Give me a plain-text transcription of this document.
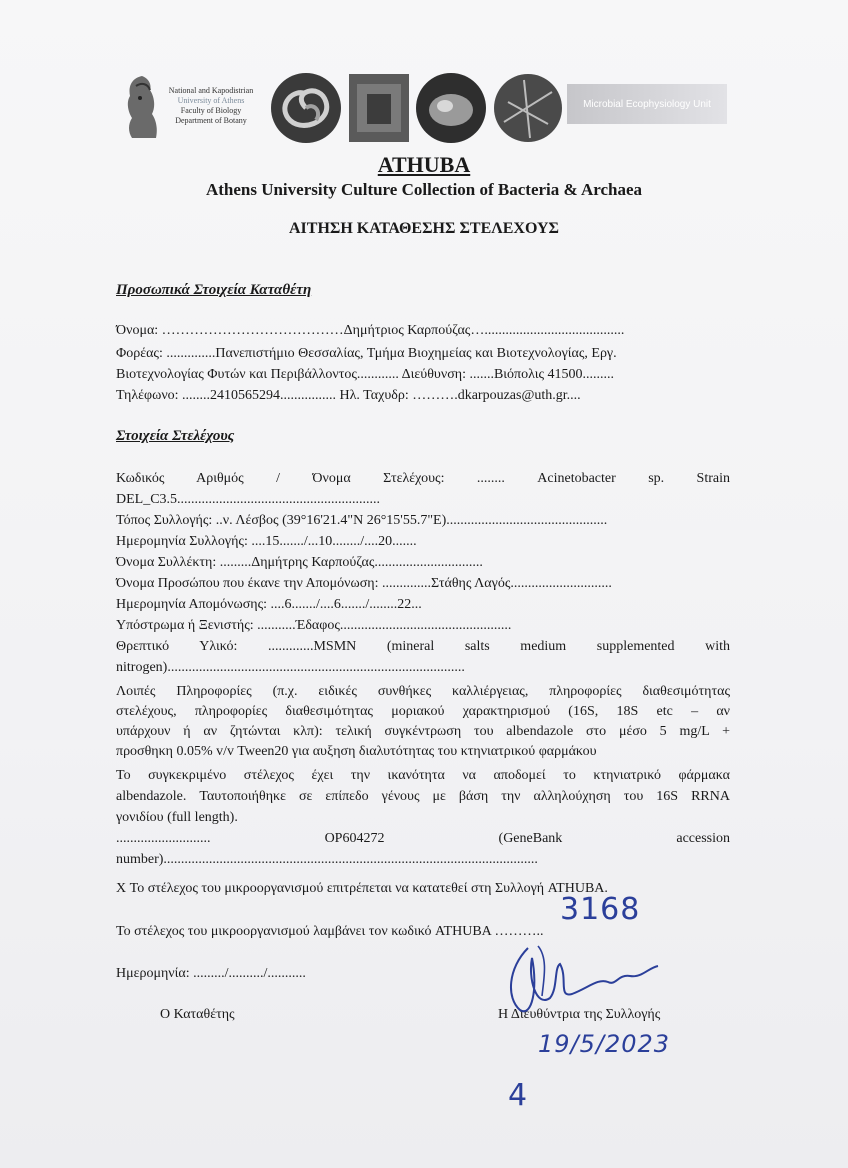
National and Kapodistrian
University of Athens
Faculty of Biology
Department of Botany
Microbial Ecophysiology Unit
ATHUBA
Athens University Culture Collection of Bacteria & Archaea
ΑΙΤΗΣΗ ΚΑΤΑΘΕΣΗΣ ΣΤΕΛΕΧΟΥΣ
Προσωπικά Στοιχεία Καταθέτη
Όνομα: …………………………………Δημήτριος Καρπούζας…........................................
Φορέας: ..............Πανεπιστήμιο Θεσσαλίας, Τμήμα Βιοχημείας και Βιοτεχνολογίας, Εργ.
Βιοτεχνολογίας Φυτών και Περιβάλλοντος............ Διεύθυνση: .......Βιόπολις 41500.........
Τηλέφωνο: ........2410565294................ Ηλ. Ταχυδρ: ……….dkarpouzas@uth.gr....
Στοιχεία Στελέχους
Κωδικός Αριθμός / Όνομα Στελέχους: ........ Acinetobacter sp. Strain
DEL_C3.5..........................................................
Τόπος Συλλογής: ..ν. Λέσβος (39°16'21.4"N 26°15'55.7"E)..............................................
Ημερομηνία Συλλογής: ....15......./...10......../....20.......
Όνομα Συλλέκτη: .........Δημήτρης Καρπούζας...............................
Όνομα Προσώπου που έκανε την Απομόνωση: ..............Στάθης Λαγός.............................
Ημερομηνία Απομόνωσης: ....6......./....6......./........22...
Υπόστρωμα ή Ξενιστής: ...........Έδαφος.................................................
Θρεπτικό Υλικό: .............MSMN (mineral salts medium supplemented with
nitrogen).....................................................................................
Λοιπές Πληροφορίες (π.χ. ειδικές συνθήκες καλλιέργειας, πληροφορίες διαθεσιμότητας
στελέχους, πληροφορίες διαθεσιμότητας μοριακού χαρακτηρισμού (16S, 18S etc – αν
υπάρχουν ή αν ζητώνται κλπ): τελική συγκέντρωση του albendazole στο μέσο 5 mg/L +
προσθηκη 0.05% v/v Tween20 για αυξηση διαλυτότητας του κτηνιατρικού φαρμάκου
Το συγκεκριμένο στέλεχος έχει την ικανότητα να αποδομεί το κτηνιατρικό φάρμακα
albendazole. Ταυτοποιήθηκε σε επίπεδο γένους με βάση την αλληλούχηση του 16S RRNA
γονιδίου (full length).
........................... OP604272 (GeneBank accession
number)...........................................................................................................
X Το στέλεχος του μικροοργανισμού επιτρέπεται να κατατεθεί στη Συλλογή ATHUBA.
Το στέλεχος του μικροοργανισμού λαμβάνει τον κωδικό ATHUBA ………..
Ημερομηνία: ........./........../...........
Ο Καταθέτης	Η Διευθύντρια της Συλλογής
3168
19/5/2023
4
